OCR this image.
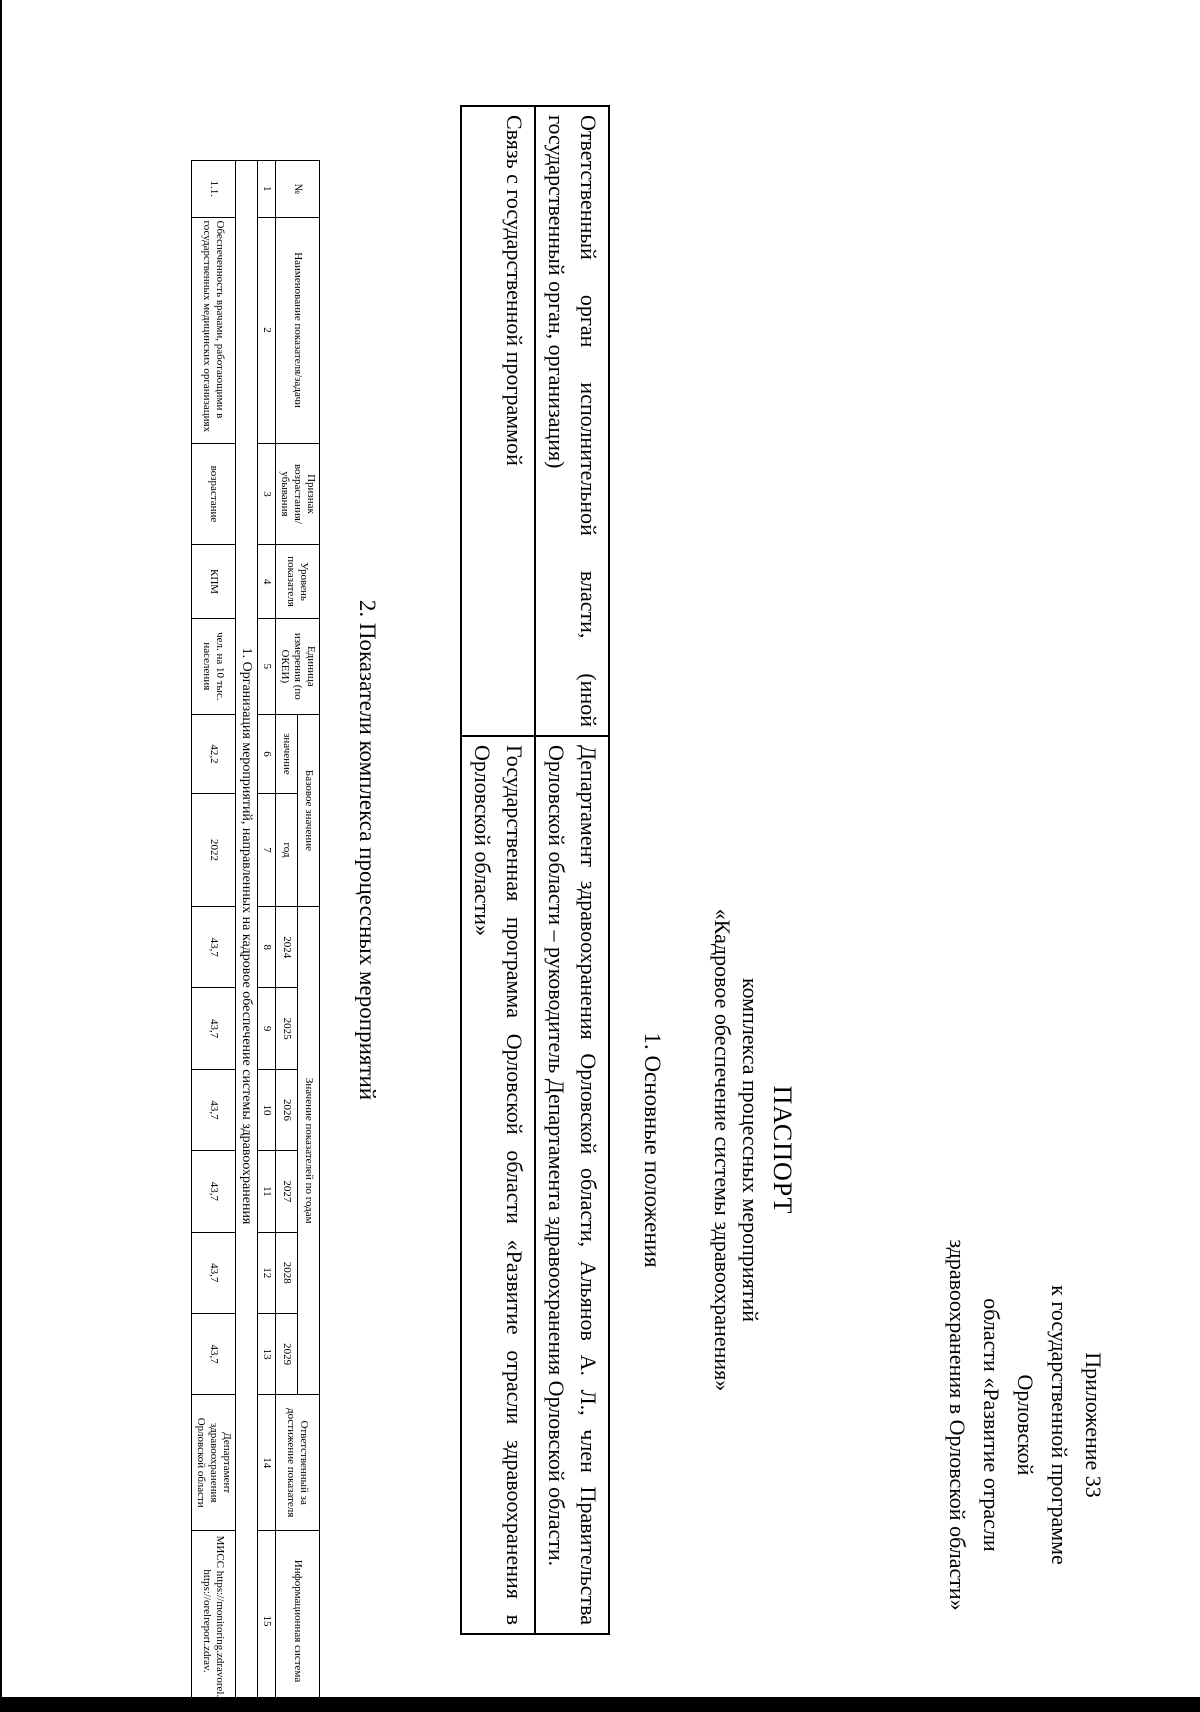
Приложение 33
к государственной программе Орловской
области «Развитие отрасли
здравоохранения в Орловской области»
ПАСПОРТ
комплекса процессных мероприятий
«Кадровое обеспечение системы здравоохранения»
1. Основные положения
Ответственный орган исполнительной власти, (иной государственный орган, организация)	Департамент здравоохранения Орловской области, Альянов А. Л., член Правительства Орловской области – руководитель Департамента здравоохранения Орловской области.
Связь с государственной программой	Государственная программа Орловской области «Развитие отрасли здравоохранения в Орловской области»
2. Показатели комплекса процессных мероприятий
№	Наименование показателя/задачи	Признак возрастания/ убывания	Уровень показателя	Единица измерения (по ОКЕИ)	Базовое значение		Значение показателей по годам						Ответственный за достижение показателя	Информационная система
					значение	год	2024	2025	2026	2027	2028	2029		
1	2	3	4	5	6	7	8	9	10	11	12	13	14	15
1. Организация мероприятий, направленных на кадровое обеспечение системы здравоохранения														
1.1.	Обеспеченность врачами, работающими в государственных медицинских организациях	возрастание	КПМ	чел. на 10 тыс. населения	42,2	2022	43,7	43,7	43,7	43,7	43,7	43,7	Департамент здравоохранения Орловской области	МИСС https://monitoring.zdravorel.ru https://orelreport.zdrav.
